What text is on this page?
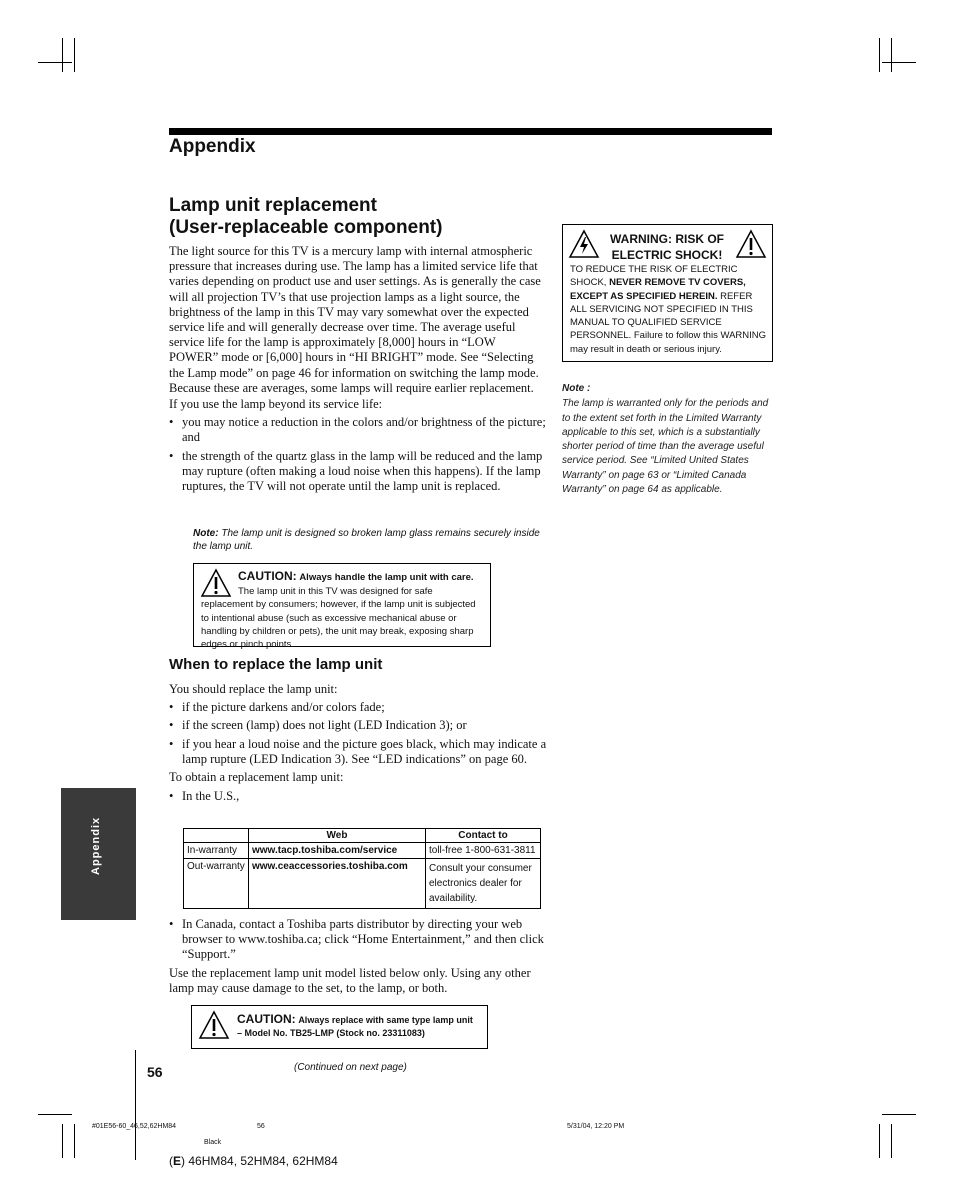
Appendix
Lamp unit replacement
(User-replaceable component)
The light source for this TV is a mercury lamp with internal atmospheric pressure that increases during use. The lamp has a limited service life that varies depending on product use and user settings. As is generally the case will all projection TV’s that use projection lamps as a light source, the brightness of the lamp in this TV may vary somewhat over the expected service life and will generally decrease over time. The average useful service life for the lamp is approximately [8,000] hours in “LOW POWER” mode or [6,000] hours in “HI BRIGHT” mode. See “Selecting the Lamp mode” on page 46 for information on switching the lamp mode. Because these are averages, some lamps will require earlier replacement.
If you use the lamp beyond its service life:
• you may notice a reduction in the colors and/or brightness of the picture; and
• the strength of the quartz glass in the lamp will be reduced and the lamp may rupture (often making a loud noise when this happens). If the lamp ruptures, the TV will not operate until the lamp unit is replaced.
Note: The lamp unit is designed so broken lamp glass remains securely inside the lamp unit.
CAUTION: Always handle the lamp unit with care.
The lamp unit in this TV was designed for safe replacement by consumers; however, if the lamp unit is subjected to intentional abuse (such as excessive mechanical abuse or handling by children or pets), the unit may break, exposing sharp edges or pinch points.
When to replace the lamp unit
You should replace the lamp unit:
• if the picture darkens and/or colors fade;
• if the screen (lamp) does not light (LED Indication 3); or
• if you hear a loud noise and the picture goes black, which may indicate a lamp rupture (LED Indication 3). See “LED indications” on page 60.
To obtain a replacement lamp unit:
• In the U.S.,
	Web	Contact to
In-warranty	www.tacp.toshiba.com/service	toll-free 1-800-631-3811
Out-warranty	www.ceaccessories.toshiba.com	Consult your consumer electronics dealer for availability.
• In Canada, contact a Toshiba parts distributor by directing your web browser to www.toshiba.ca; click “Home Entertainment,” and then click “Support.”
Use the replacement lamp unit model listed below only. Using any other lamp may cause damage to the set, to the lamp, or both.
CAUTION: Always replace with same type lamp unit – Model No. TB25-LMP (Stock no. 23311083)
WARNING: RISK OF
ELECTRIC SHOCK!
TO REDUCE THE RISK OF ELECTRIC SHOCK, NEVER REMOVE TV COVERS, EXCEPT AS SPECIFIED HEREIN. REFER ALL SERVICING NOT SPECIFIED IN THIS MANUAL TO QUALIFIED SERVICE PERSONNEL. Failure to follow this WARNING may result in death or serious injury.
Note :
The lamp is warranted only for the periods and to the extent set forth in the Limited Warranty applicable to this set, which is a substantially shorter period of time than the average useful service period. See “Limited United States Warranty” on page 63 or “Limited Canada Warranty” on page 64 as applicable.
Appendix
56	(Continued on next page)
#01E56-60_46,52,62HM84	56	5/31/04, 12:20 PM
Black
(E) 46HM84, 52HM84, 62HM84
